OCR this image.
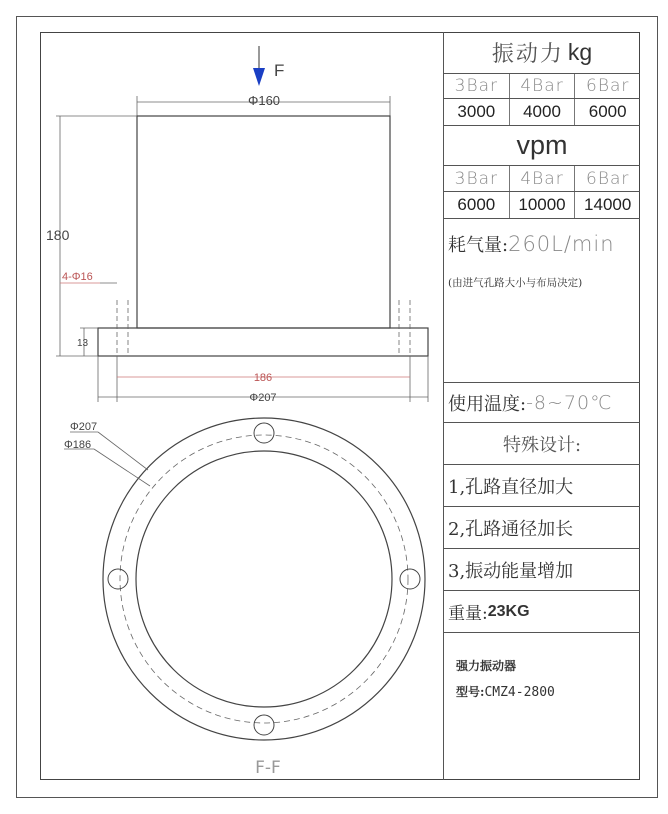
F
Φ160
180
4-Φ16
13
186
Φ207
Φ207
Φ186
F-F
振动力 kg
3Bar	4Bar	6Bar
3000	4000	6000
vpm
3Bar	4Bar	6Bar
6000	10000	14000
耗气量:260L/min
(由进气孔路大小与布局决定)
使用温度: -8~70℃
特殊设计:
1,孔路直径加大
2,孔路通径加长
3,振动能量增加
重量: 23KG
强力振动器
型号:CMZ4-2800
